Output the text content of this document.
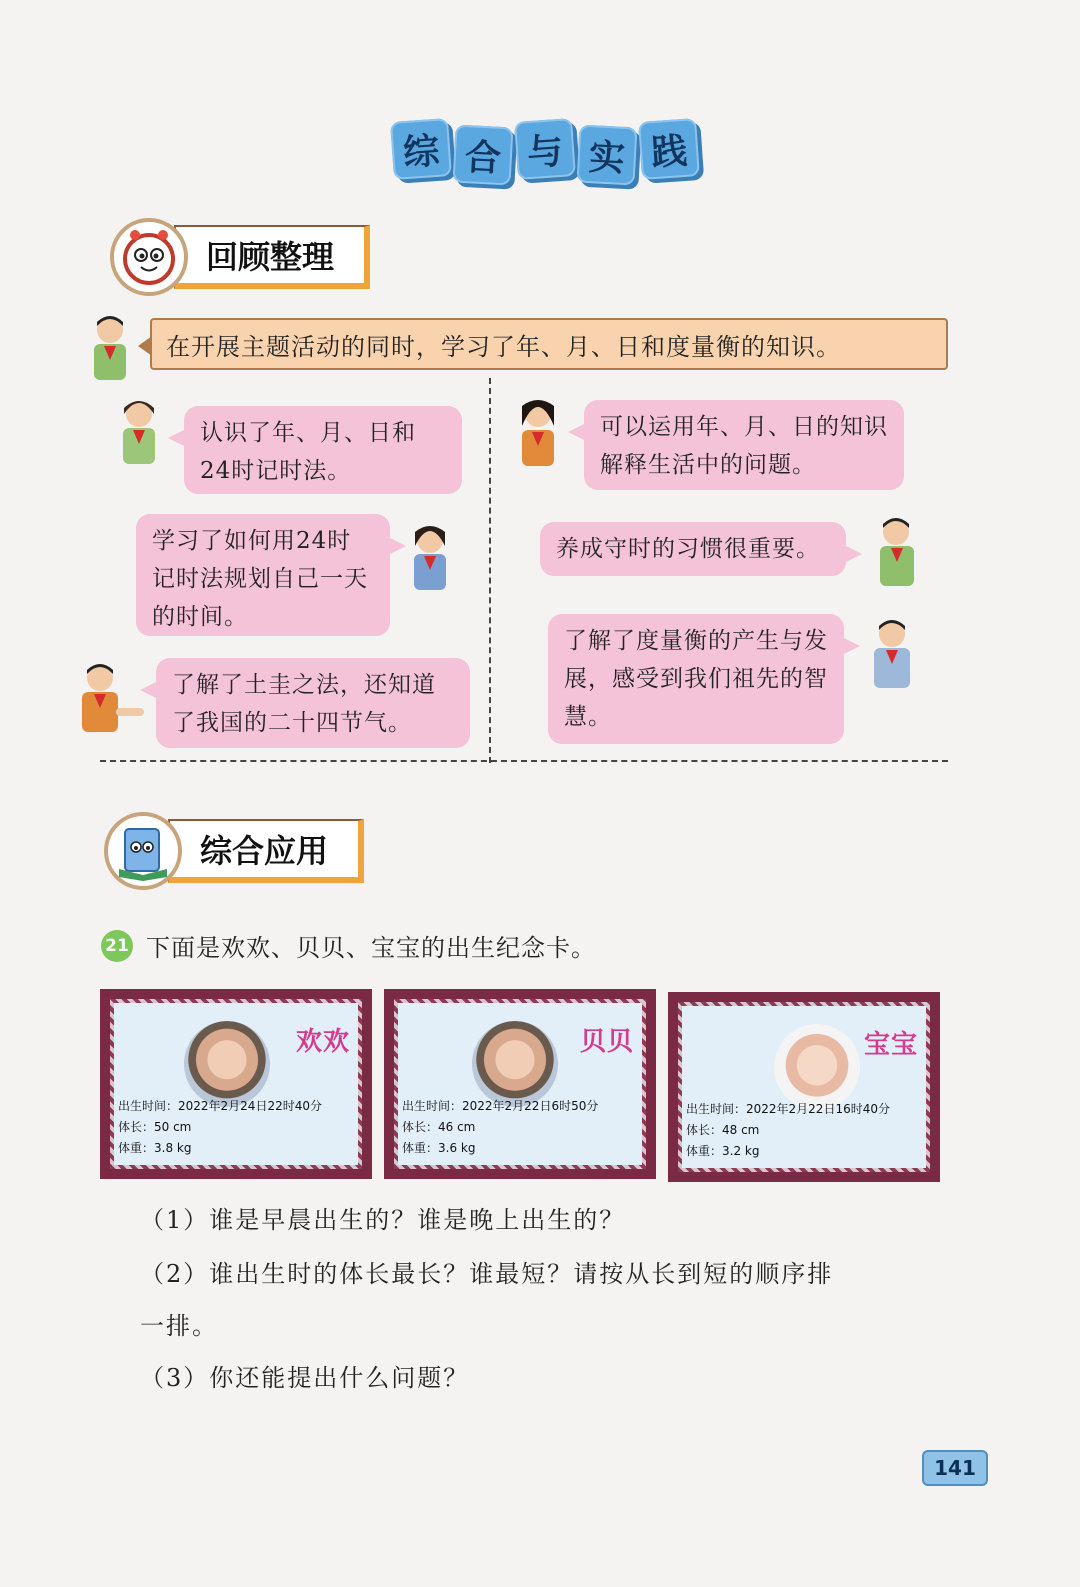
综 合 与 实 践
回顾整理
在开展主题活动的同时，学习了年、月、日和度量衡的知识。
认识了年、月、日和24时记时法。
学习了如何用24时记时法规划自己一天的时间。
了解了土圭之法，还知道了我国的二十四节气。
可以运用年、月、日的知识解释生活中的问题。
养成守时的习惯很重要。
了解了度量衡的产生与发展，感受到我们祖先的智慧。
综合应用
21 下面是欢欢、贝贝、宝宝的出生纪念卡。
欢欢
出生时间：2022年2月24日22时40分
体长：50 cm
体重：3.8 kg
贝贝
出生时间：2022年2月22日6时50分
体长：46 cm
体重：3.6 kg
宝宝
出生时间：2022年2月22日16时40分
体长：48 cm
体重：3.2 kg
（1）谁是早晨出生的？谁是晚上出生的？
（2）谁出生时的体长最长？谁最短？请按从长到短的顺序排
一排。
（3）你还能提出什么问题？
141
